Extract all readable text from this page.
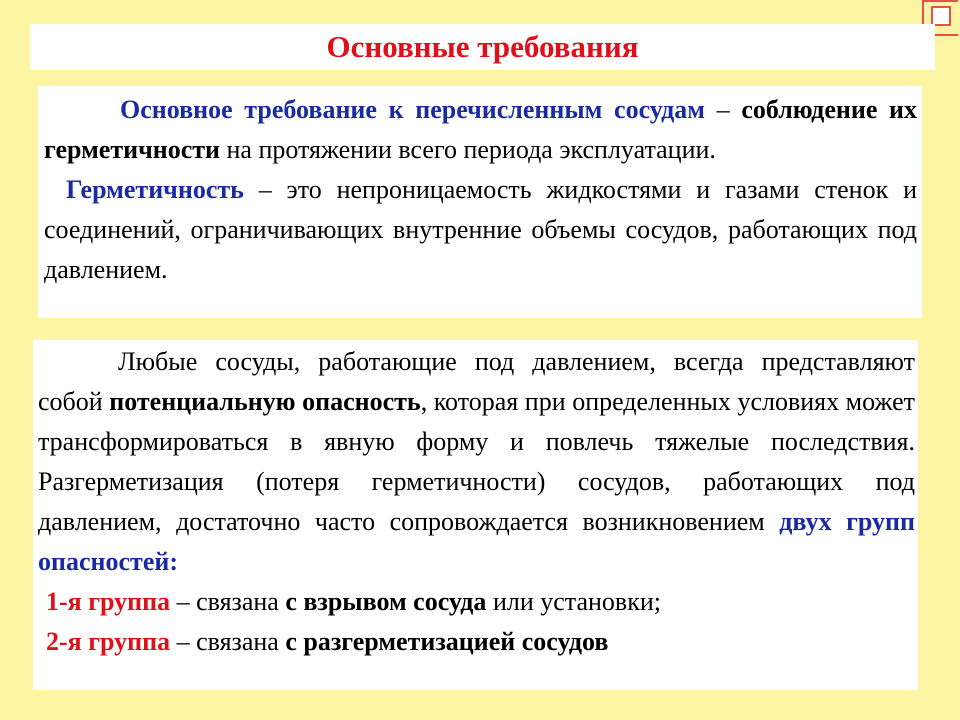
Основные требования

Основное требование к перечисленным сосудам – соблюдение их герметичности на протяжении всего периода эксплуатации.

Герметичность – это непроницаемость жидкостями и газами стенок и соединений, ограничивающих внутренние объемы сосудов, работающих под давлением.

Любые сосуды, работающие под давлением, всегда представляют собой потенциальную опасность, которая при определенных условиях может трансформироваться в явную форму и повлечь тяжелые последствия. Разгерметизация (потеря герметичности) сосудов, работающих под давлением, достаточно часто сопровождается возникновением двух групп опасностей:

1-я группа – связана с взрывом сосуда или установки;

2-я группа – связана с разгерметизацией сосудов
